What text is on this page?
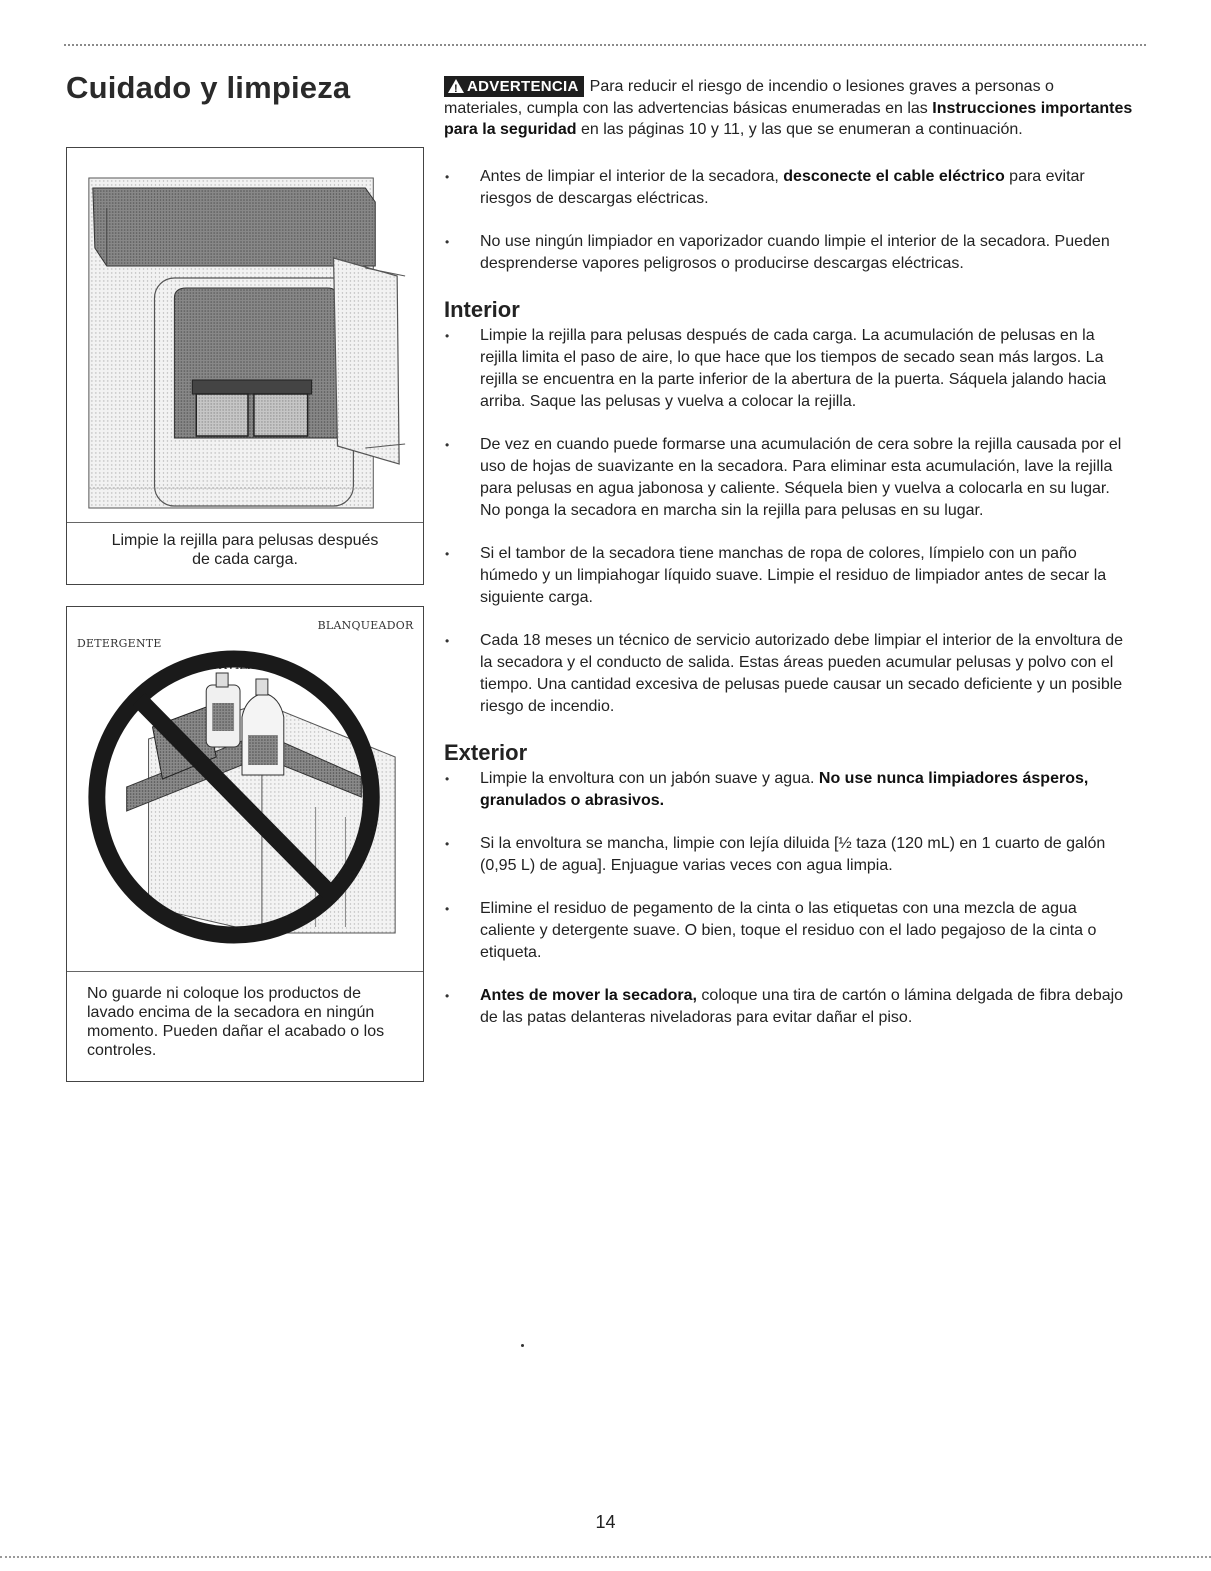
Cuidado y limpieza
Limpie la rejilla para pelusas después de cada carga.
DETERGENTE
BLANQUEADOR
SUAVIZANTE
No guarde ni coloque los productos de lavado encima de la secadora en ningún momento. Pueden dañar el acabado o los controles.

!ADVERTENCIA Para reducir el riesgo de incendio o lesiones graves a personas o materiales, cumpla con las advertencias básicas enumeradas en las Instrucciones importantes para la seguridad en las páginas 10 y 11, y las que se enumeran a continuación.

• Antes de limpiar el interior de la secadora, desconecte el cable eléctrico para evitar riesgos de descargas eléctricas.
• No use ningún limpiador en vaporizador cuando limpie el interior de la secadora. Pueden desprenderse vapores peligrosos o producirse descargas eléctricas.
Interior
• Limpie la rejilla para pelusas después de cada carga. La acumulación de pelusas en la rejilla limita el paso de aire, lo que hace que los tiempos de secado sean más largos. La rejilla se encuentra en la parte inferior de la abertura de la puerta. Sáquela jalando hacia arriba. Saque las pelusas y vuelva a colocar la rejilla.
• De vez en cuando puede formarse una acumulación de cera sobre la rejilla causada por el uso de hojas de suavizante en la secadora. Para eliminar esta acumulación, lave la rejilla para pelusas en agua jabonosa y caliente. Séquela bien y vuelva a colocarla en su lugar. No ponga la secadora en marcha sin la rejilla para pelusas en su lugar.
• Si el tambor de la secadora tiene manchas de ropa de colores, límpielo con un paño húmedo y un limpiahogar líquido suave. Limpie el residuo de limpiador antes de secar la siguiente carga.
• Cada 18 meses un técnico de servicio autorizado debe limpiar el interior de la envoltura de la secadora y el conducto de salida. Estas áreas pueden acumular pelusas y polvo con el tiempo. Una cantidad excesiva de pelusas puede causar un secado deficiente y un posible riesgo de incendio.
Exterior
• Limpie la envoltura con un jabón suave y agua. No use nunca limpiadores ásperos, granulados o abrasivos.
• Si la envoltura se mancha, limpie con lejía diluida [½ taza (120 mL) en 1 cuarto de galón (0,95 L) de agua]. Enjuague varias veces con agua limpia.
• Elimine el residuo de pegamento de la cinta o las etiquetas con una mezcla de agua caliente y detergente suave. O bien, toque el residuo con el lado pegajoso de la cinta o etiqueta.
• Antes de mover la secadora, coloque una tira de cartón o lámina delgada de fibra debajo de las patas delanteras niveladoras para evitar dañar el piso.
14
